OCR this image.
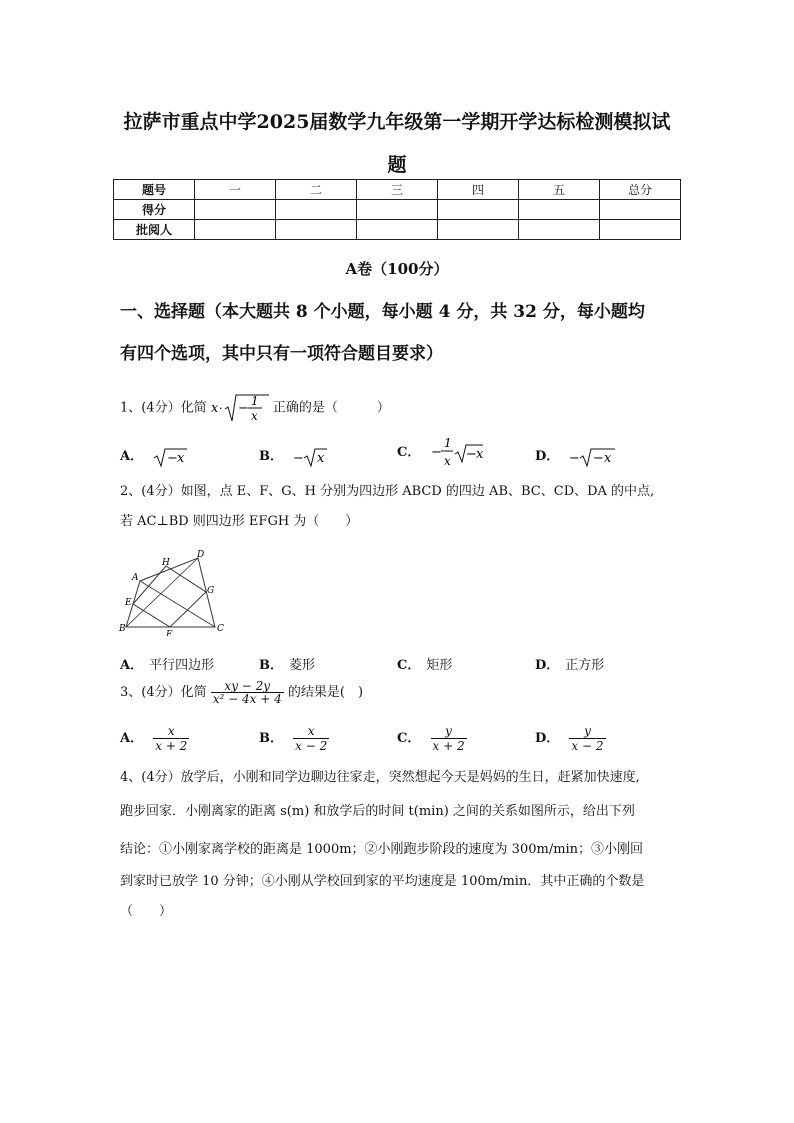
拉萨市重点中学2025届数学九年级第一学期开学达标检测模拟试
题
题号	一	二	三	四	五	总分
得分						
批阅人						
A卷（100分）
一、选择题（本大题共 8 个小题，每小题 4 分，共 32 分，每小题均
有四个选项，其中只有一项符合题目要求）
1、(4分）化简 x · − 1
x
正确的是（　　　）
A． − x	B． − x	C． −
1
x − x	D． − − x
2、(4分）如图，点 E、F、G、H 分别为四边形 ABCD 的四边 AB、BC、CD、DA 的中点,
若 AC⊥BD 则四边形 EFGH 为（　　）
A
B	C
D
E
F
G
H
A． 平行四边形	B． 菱形	C． 矩形	D． 正方形
3、(4分）化简 $\frac{xy - 2y}{\text{x² − 4x + 4}}$ 的结果是(　)
A． $\frac{x}{x + 2}$	B． $\frac{x}{x - 2}$	C． $\frac{y}{x + 2}$	D． $\frac{y}{x - 2}$
4、(4分）放学后，小刚和同学边聊边往家走，突然想起今天是妈妈的生日，赶紧加快速度,
跑步回家．小刚离家的距离 s(m) 和放学后的时间 t(min) 之间的关系如图所示，给出下列
结论：①小刚家离学校的距离是 1000m；②小刚跑步阶段的速度为 300m/min；③小刚回
到家时已放学 10 分钟；④小刚从学校回到家的平均速度是 100m/min．其中正确的个数是
（　　）
